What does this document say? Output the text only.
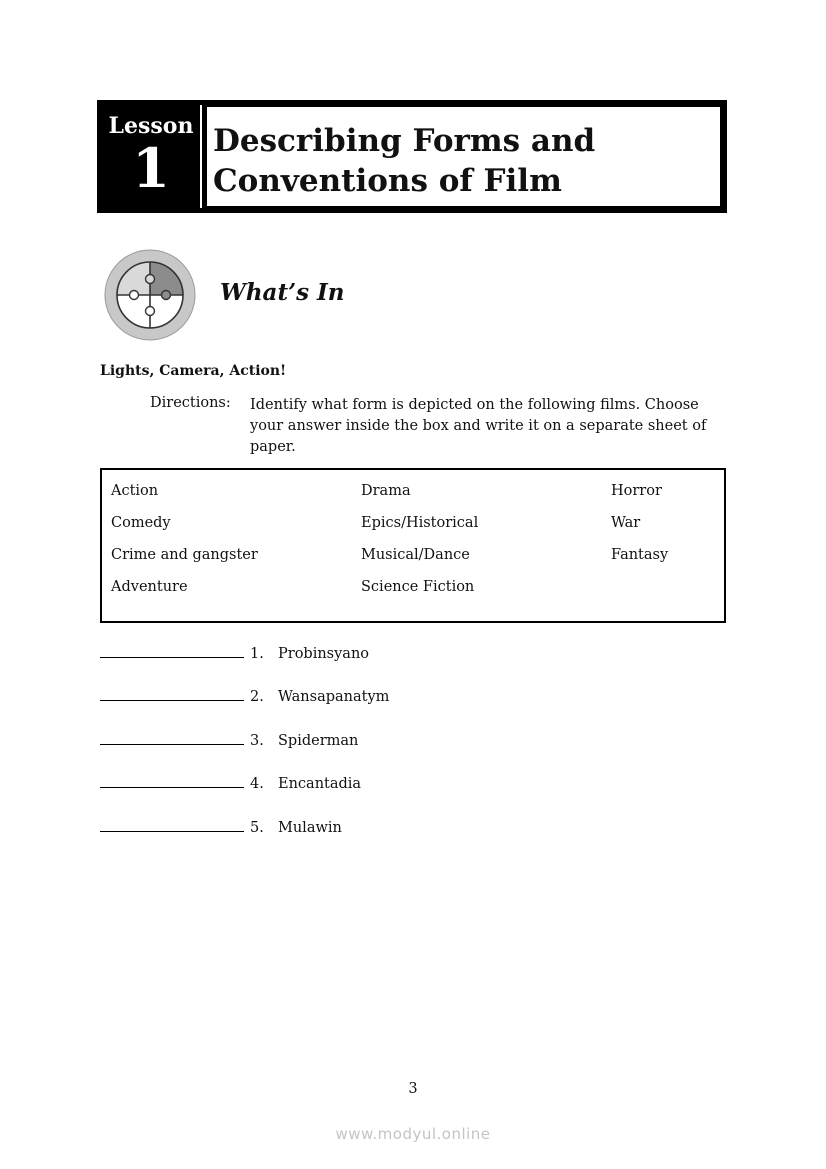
Lesson
1	Describing Forms and
Conventions of Film
What’s In
Lights, Camera, Action!
Directions: Identify what form is depicted on the following films. Choose your answer inside the box and write it on a separate sheet of paper.
Action
Comedy
Crime and gangster
Adventure
Drama
Epics/Historical
Musical/Dance
Science Fiction
Horror
War
Fantasy
1. Probinsyano
2. Wansapanatym
3. Spiderman
4. Encantadia
5. Mulawin
3
www.modyul.online
